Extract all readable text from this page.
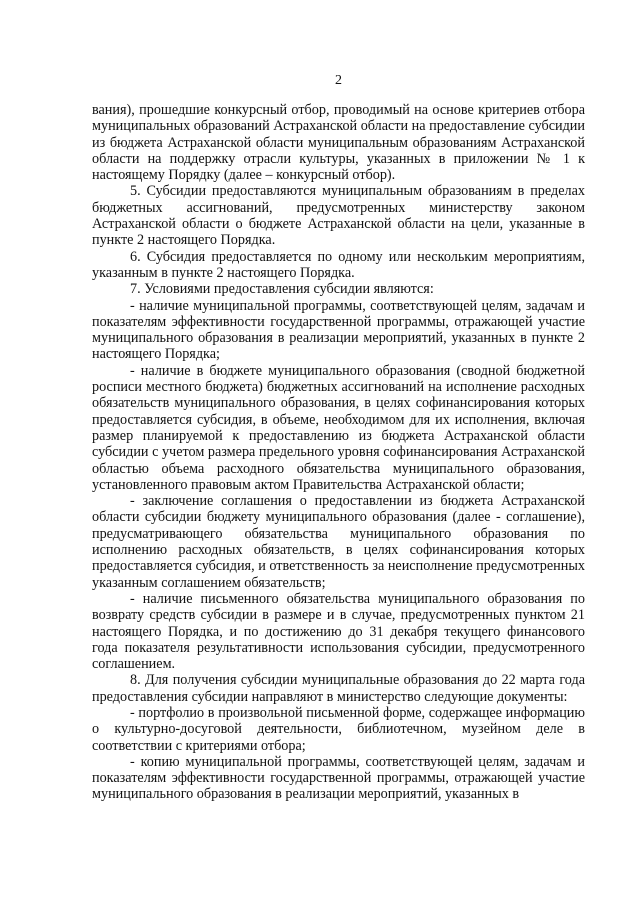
2

вания), прошедшие конкурсный отбор, проводимый на основе критериев отбора муниципальных образований Астраханской области на предоставление субсидии из бюджета Астраханской области муниципальным образованиям Астраханской области на поддержку отрасли культуры, указанных в приложении № 1 к настоящему Порядку (далее – конкурсный отбор).

5. Субсидии предоставляются муниципальным образованиям в пределах бюджетных ассигнований, предусмотренных министерству законом Астраханской области о бюджете Астраханской области на цели, указанные в пункте 2 настоящего Порядка.

6. Субсидия предоставляется по одному или нескольким мероприятиям, указанным в пункте 2 настоящего Порядка.

7. Условиями предоставления субсидии являются:

- наличие муниципальной программы, соответствующей целям, задачам и показателям эффективности государственной программы, отражающей участие муниципального образования в реализации мероприятий, указанных в пункте 2 настоящего Порядка;

- наличие в бюджете муниципального образования (сводной бюджетной росписи местного бюджета) бюджетных ассигнований на исполнение расходных обязательств муниципального образования, в целях софинансирования которых предоставляется субсидия, в объеме, необходимом для их исполнения, включая размер планируемой к предоставлению из бюджета Астраханской области субсидии с учетом размера предельного уровня софинансирования Астраханской областью объема расходного обязательства муниципального образования, установленного правовым актом Правительства Астраханской области;

- заключение соглашения о предоставлении из бюджета Астраханской области субсидии бюджету муниципального образования (далее - соглашение), предусматривающего обязательства муниципального образования по исполнению расходных обязательств, в целях софинансирования которых предоставляется субсидия, и ответственность за неисполнение предусмотренных указанным соглашением обязательств;

- наличие письменного обязательства муниципального образования по возврату средств субсидии в размере и в случае, предусмотренных пунктом 21 настоящего Порядка, и по достижению до 31 декабря текущего финансового года показателя результативности использования субсидии, предусмотренного соглашением.

8. Для получения субсидии муниципальные образования до 22 марта года предоставления субсидии направляют в министерство следующие документы:

- портфолио в произвольной письменной форме, содержащее информацию о культурно-досуговой деятельности, библиотечном, музейном деле в соответствии с критериями отбора;

- копию муниципальной программы, соответствующей целям, задачам и показателям эффективности государственной программы, отражающей участие муниципального образования в реализации мероприятий, указанных в
